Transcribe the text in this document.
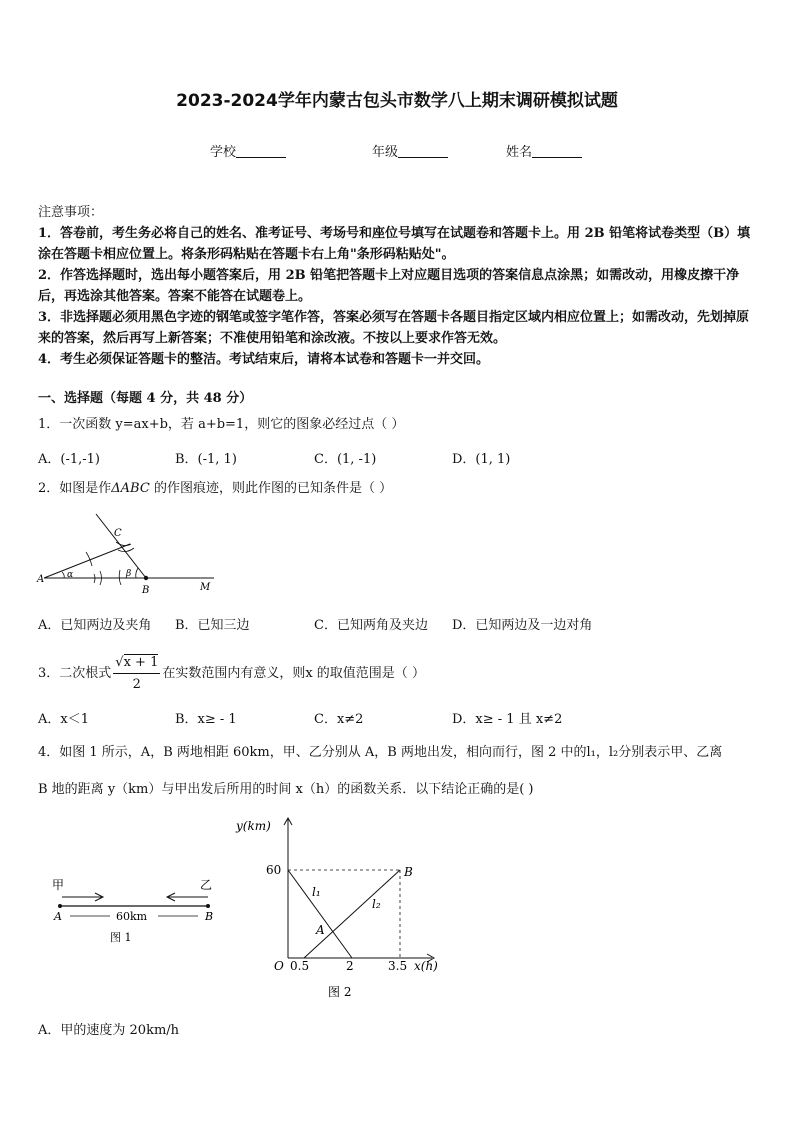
2023-2024学年内蒙古包头市数学八上期末调研模拟试题
学校	年级	姓名

注意事项：

1．答卷前，考生务必将自己的姓名、准考证号、考场号和座位号填写在试题卷和答题卡上。用 2B 铅笔将试卷类型（B）填涂在答题卡相应位置上。将条形码粘贴在答题卡右上角"条形码粘贴处"。

2．作答选择题时，选出每小题答案后，用 2B 铅笔把答题卡上对应题目选项的答案信息点涂黑；如需改动，用橡皮擦干净后，再选涂其他答案。答案不能答在试题卷上。

3．非选择题必须用黑色字迹的钢笔或签字笔作答，答案必须写在答题卡各题目指定区域内相应位置上；如需改动，先划掉原来的答案，然后再写上新答案；不准使用铅笔和涂改液。不按以上要求作答无效。

4．考生必须保证答题卡的整洁。考试结束后，请将本试卷和答题卡一并交回。

一、选择题（每题 4 分，共 48 分）
1．一次函数 y=ax+b，若 a+b=1，则它的图象必经过点（ ）
A．(-1,-1)	B．(-1, 1)	C．(1, -1)	D．(1, 1)
2．如图是作ΔABC 的作图痕迹，则此作图的已知条件是（ ）
A	α	β
B
C
M
A．已知两边及夹角 B．已知三边	C．已知两角及夹边 D．已知两边及一边对角
3．二次根式 $\frac{√x + 1}{2}$ 在实数范围内有意义，则x 的取值范围是（ ）
A．x＜1	B．x≥ - 1	C．x≠2	D．x≥ - 1 且 x≠2
4．如图 1 所示，A，B 两地相距 60km，甲、乙分别从 A，B 两地出发，相向而行，图 2 中的l₁，l₂分别表示甲、乙离
B 地的距离 y（km）与甲出发后所用的时间 x（h）的函数关系．以下结论正确的是( )
甲	乙
A	B
60km
图 1
y(km)
x(h)
O
60
0.5	2	3.5
l₁
l₂
A
B
图 2
A．甲的速度为 20km/h
